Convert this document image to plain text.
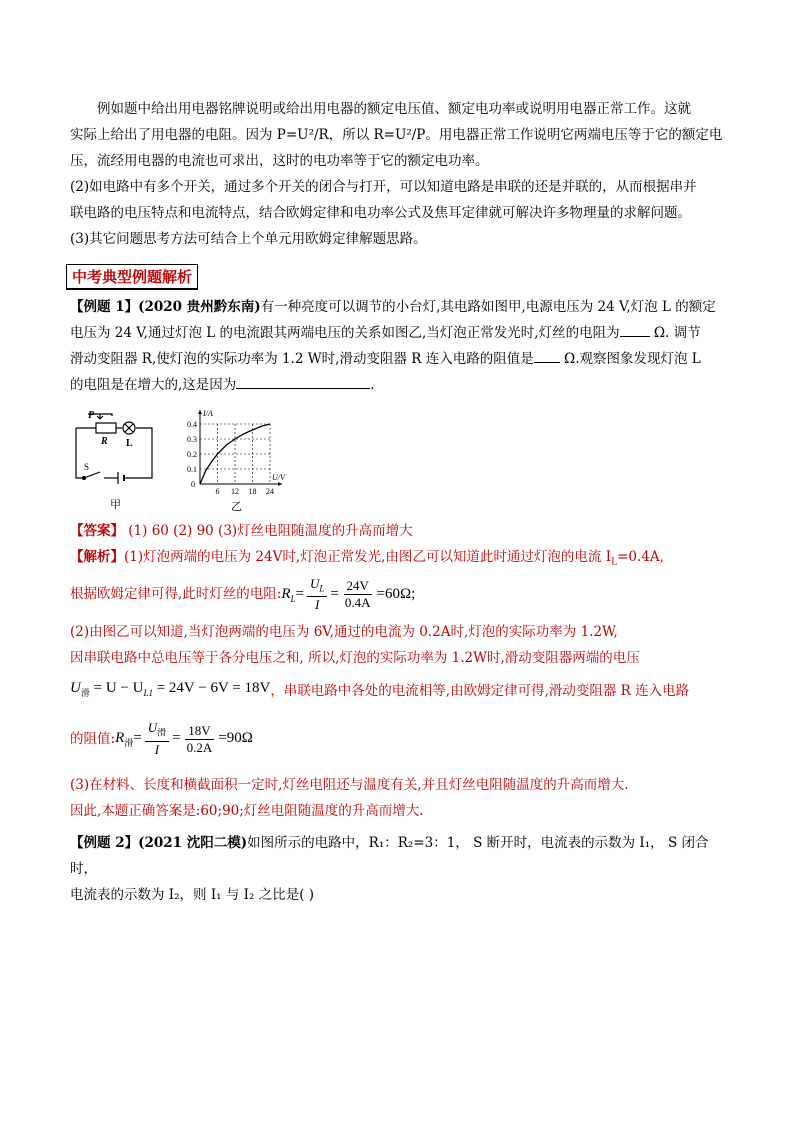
例如题中给出用电器铭牌说明或给出用电器的额定电压值、额定电功率或说明用电器正常工作。这就

实际上给出了用电器的电阻。因为 P=U²/R，所以 R=U²/P。用电器正常工作说明它两端电压等于它的额定电

压，流经用电器的电流也可求出，这时的电功率等于它的额定电功率。

(2)如电路中有多个开关，通过多个开关的闭合与打开，可以知道电路是串联的还是并联的，从而根据串并

联电路的电压特点和电流特点，结合欧姆定律和电功率公式及焦耳定律就可解决许多物理量的求解问题。

(3)其它问题思考方法可结合上个单元用欧姆定律解题思路。

中考典型例题解析

【例题 1】(2020 贵州黔东南)有一种亮度可以调节的小台灯,其电路如图甲,电源电压为 24 V,灯泡 L 的额定

电压为 24 V,通过灯泡 L 的电流跟其两端电压的关系如图乙,当灯泡正常发光时,灯丝的电阻为 Ω. 调节

滑动变阻器 R,使灯泡的实际功率为 1.2 W时,滑动变阻器 R 连入电路的阻值是 Ω.观察图象发现灯泡 L

的电阻是在增大的,这是因为	.

P
R L
S
甲
6 12 18 24
0.1
0.2
0.3
0.4
0
I/A
U/V
乙

【答案】 (1) 60 (2) 90 (3)灯丝电阻随温度的升高而增大

【解析】(1)灯泡两端的电压为 24V时,灯泡正常发光,由图乙可以知道此时通过灯泡的电流 $I_L=0.4A$,

根据欧姆定律可得,此时灯丝的电阻: $R_L= \frac{U_L}{I} = \frac{24V}{0.4A} =60\Omega$;

(2)由图乙可以知道,当灯泡两端的电压为 6V,通过的电流为 0.2A时,灯泡的实际功率为 1.2W,

因串联电路中总电压等于各分电压之和, 所以,灯泡的实际功率为 1.2W时,滑动变阻器两端的电压

$U_滑 = U - U_{L1} = 24V - 6V = 18V$ ，串联电路中各处的电流相等,由欧姆定律可得,滑动变阻器 R 连入电路
的阻值: $R_滑= \frac{U_滑}{I} = \frac{18V}{0.2A} =90\Omega$

(3)在材料、长度和横截面积一定时,灯丝电阻还与温度有关,并且灯丝电阻随温度的升高而增大.

因此,本题正确答案是:60;90;灯丝电阻随温度的升高而增大.

【例题 2】(2021 沈阳二模)如图所示的电路中，R₁：R₂=3：1， S 断开时，电流表的示数为 I₁， S 闭合时，

电流表的示数为 I₂，则 I₁ 与 I₂ 之比是( )
